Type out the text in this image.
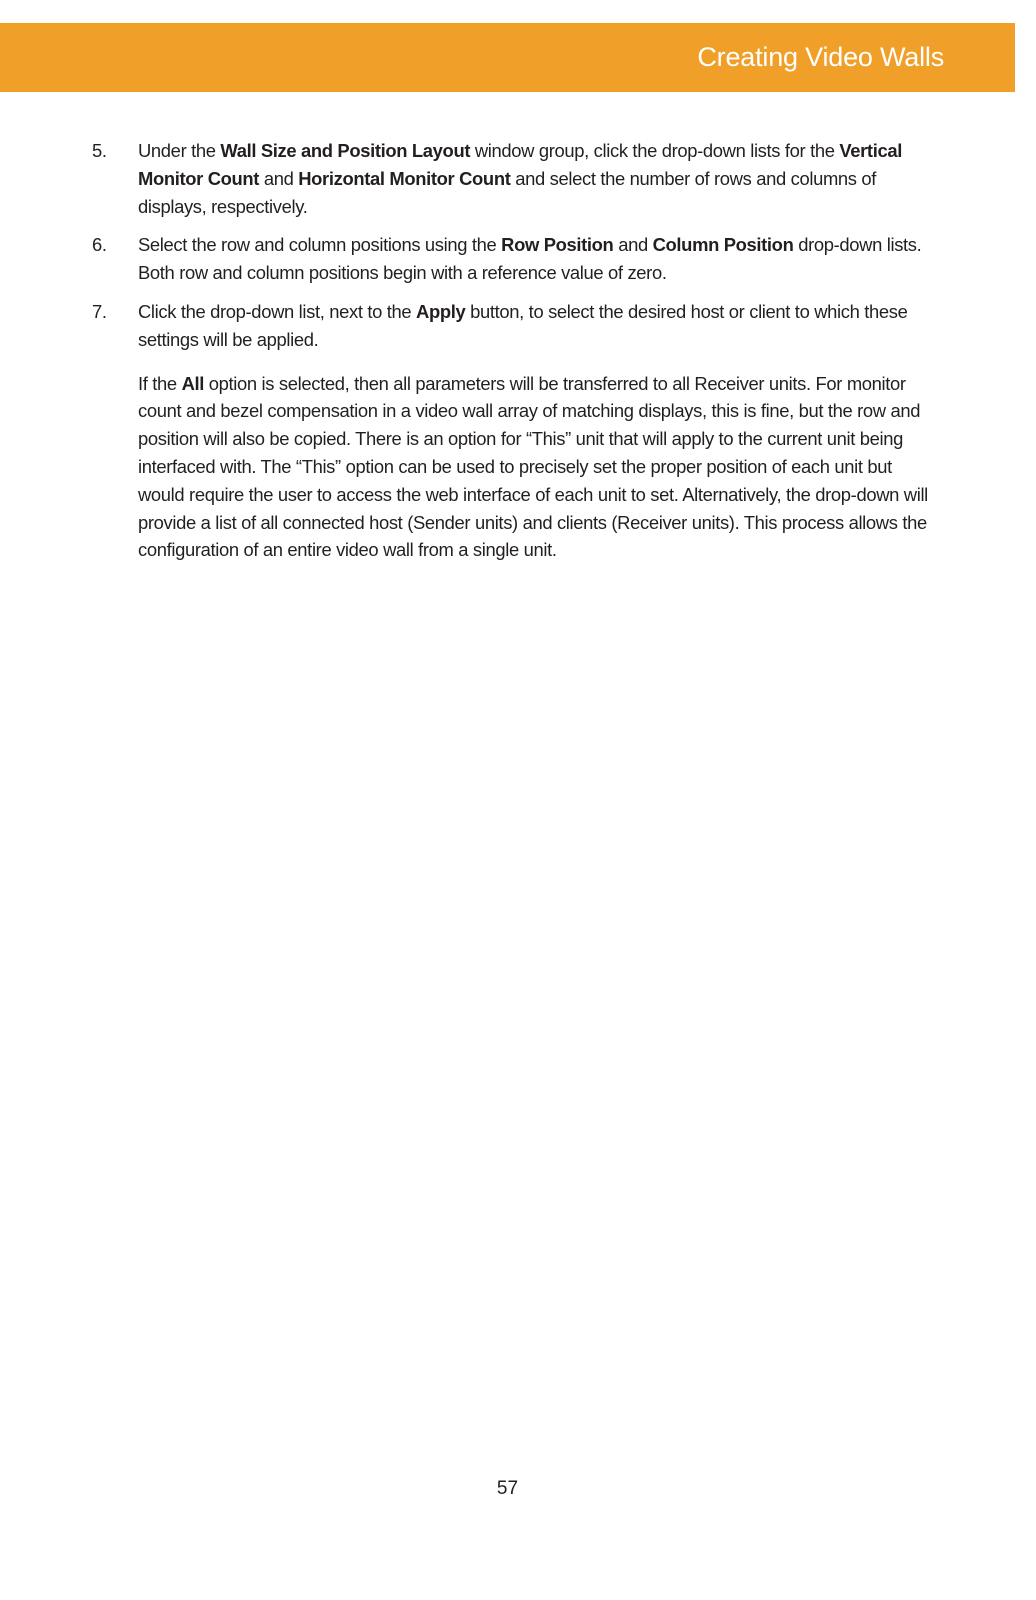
Creating Video Walls
5.	Under the Wall Size and Position Layout window group, click the drop-down lists for the Vertical Monitor Count and Horizontal Monitor Count and select the number of rows and columns of displays, respectively.
6.	Select the row and column positions using the Row Position and Column Position drop-down lists. Both row and column positions begin with a reference value of zero.
7.	Click the drop-down list, next to the Apply button, to select the desired host or client to which these settings will be applied.
If the All option is selected, then all parameters will be transferred to all Receiver units. For monitor count and bezel compensation in a video wall array of matching displays, this is fine, but the row and position will also be copied. There is an option for “This” unit that will apply to the current unit being interfaced with. The “This” option can be used to precisely set the proper position of each unit but would require the user to access the web interface of each unit to set. Alternatively, the drop-down will provide a list of all connected host (Sender units) and clients (Receiver units). This process allows the configuration of an entire video wall from a single unit.
57
